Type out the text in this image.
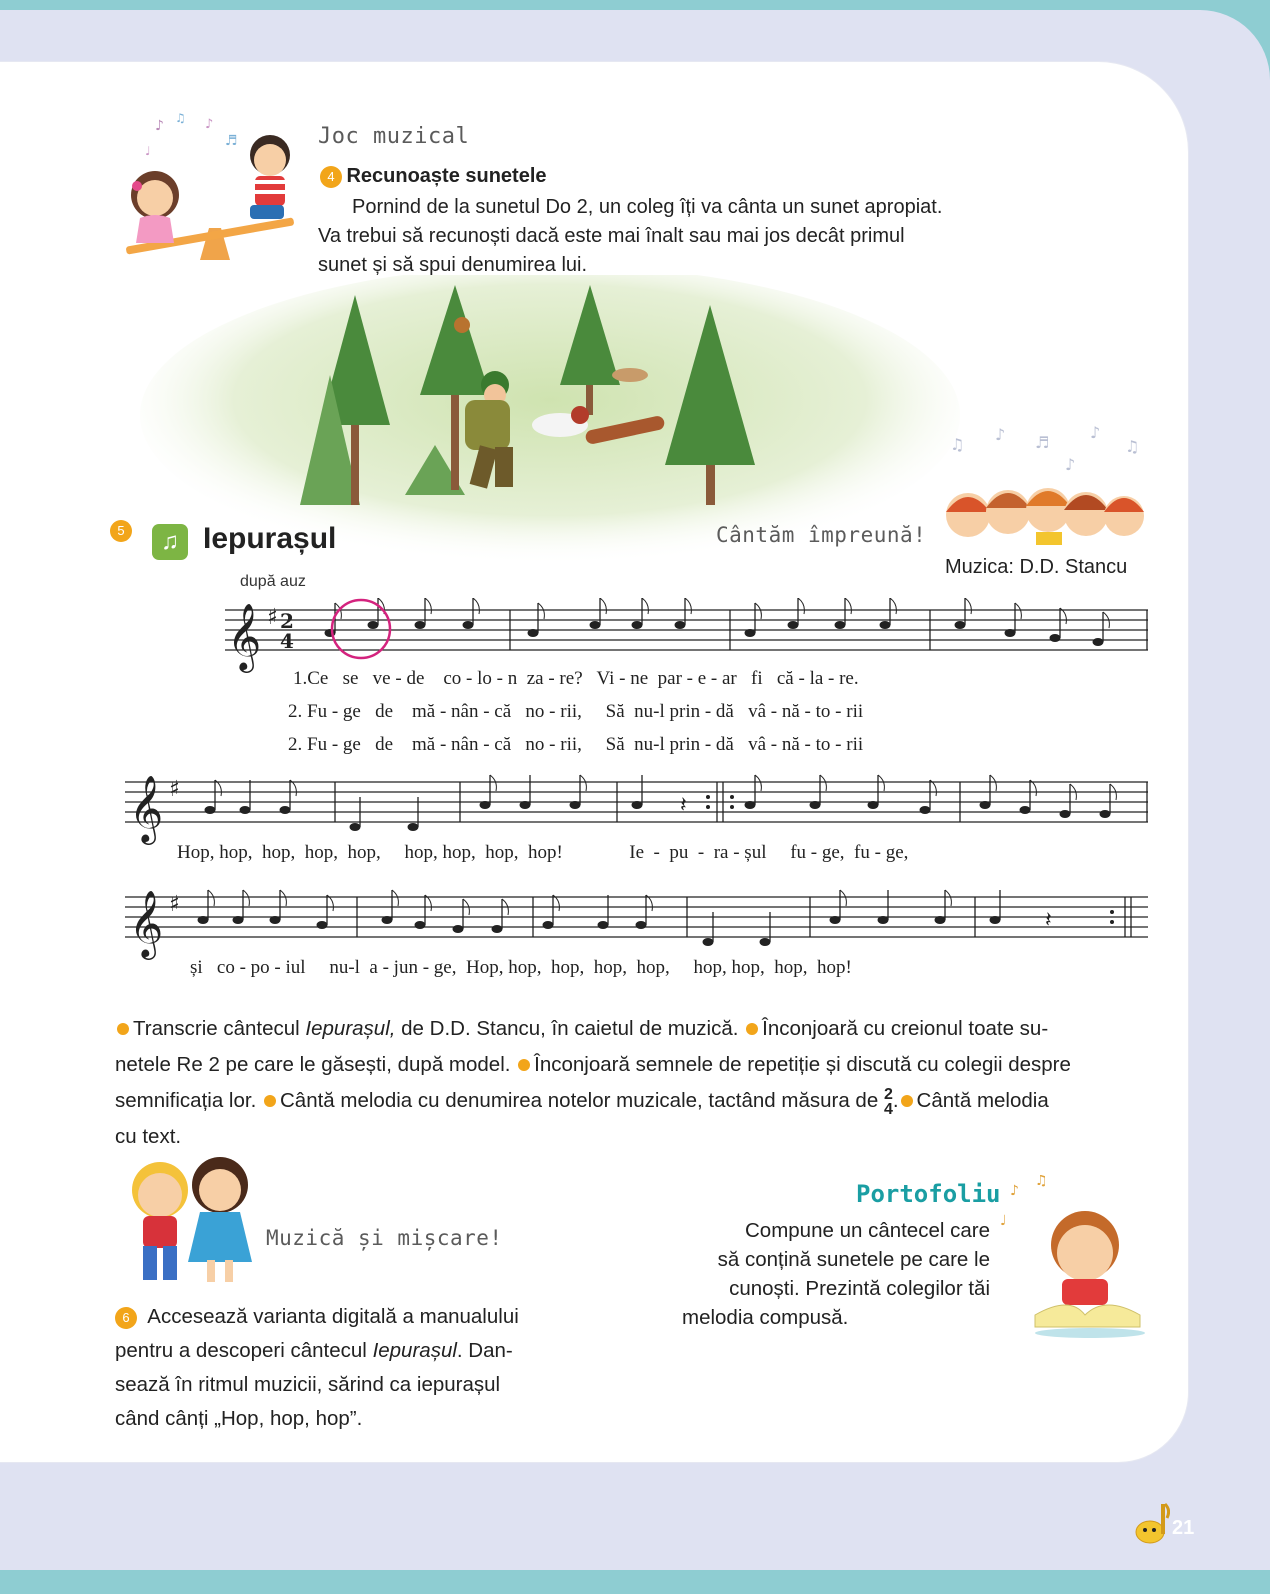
♪ ♫ ♪
♩
♬	Joc muzical
4 Recunoaște sunetele
Pornind de la sunetul Do 2, un coleg îți va cânta un sunet apropiat.
Va trebui să recunoști dacă este mai înalt sau mai jos decât primul
sunet și să spui denumirea lui.
5	♫ Iepurașul
după auz
Cântăm împreună!
♫
♪ ♬
♪
♫
♪
Muzica: D.D. Stancu
𝄞 ♯ 2
4
1.Ce   se   ve - de    co - lo - n  za - re?   Vi - ne  par - e - ar   fi   că - la - re.
2. Fu - ge   de    mă - nân - că   no - rii,     Să  nu-l prin - dă   vâ - nă - to - rii
2. Fu - ge   de    mă - nân - că   no - rii,     Să  nu-l prin - dă   vâ - nă - to - rii
𝄞 ♯
𝄽
Hop, hop,  hop,  hop,  hop,     hop, hop,  hop,  hop!              Ie  -  pu  -  ra - șul     fu - ge,  fu - ge,
𝄞 ♯
𝄽
și   co - po - iul     nu-l  a - jun - ge,  Hop, hop,  hop,  hop,  hop,     hop, hop,  hop,  hop!
Transcrie cântecul Iepurașul, de D.D. Stancu, în caietul de muzică. Înconjoară cu creionul toate su-
netele Re 2 pe care le găsești, după model. Înconjoară semnele de repetiție și discută cu colegii despre
semnificația lor. Cântă melodia cu denumirea notelor muzicale, tactând măsura de 2
4 . Cântă melodia
cu text.
Muzică și mișcare!
6 Accesează varianta digitală a manualului
pentru a descoperi cântecul Iepurașul. Dan-
sează în ritmul muzicii, sărind ca iepurașul
când cânți „Hop, hop, hop”.
Portofoliu
Compune un cântecel care
să conțină sunetele pe care le
cunoști. Prezintă colegilor tăi
melodia compusă.
♪
♫
♩
21
